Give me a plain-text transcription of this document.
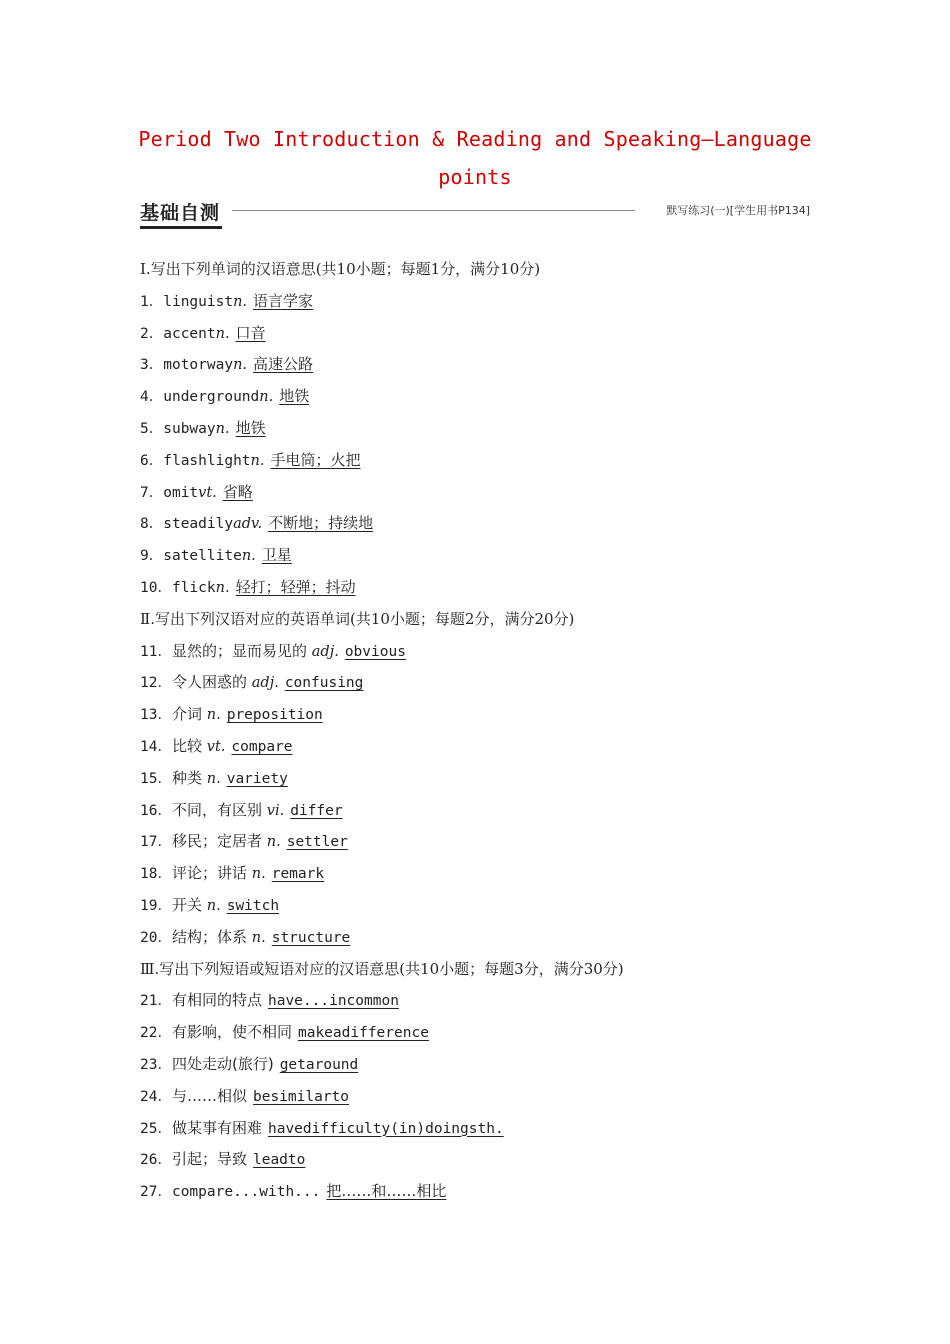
Period Two Introduction & Reading and Speaking—Language
points
基础自测	默写练习(一)[学生用书P134]
Ⅰ.写出下列单词的汉语意思(共10小题；每题1分，满分10分)
1．linguistn. 语言学家
2．accentn. 口音
3．motorwayn. 高速公路
4．undergroundn. 地铁
5．subwayn. 地铁
6．flashlightn. 手电筒；火把
7．omitvt. 省略
8．steadilyadv. 不断地；持续地
9．satelliten. 卫星
10．flickn. 轻打；轻弹；抖动
Ⅱ.写出下列汉语对应的英语单词(共10小题；每题2分，满分20分)
11．显然的；显而易见的 adj. obvious
12．令人困惑的 adj. confusing
13．介词 n. preposition
14．比较 vt. compare
15．种类 n. variety
16．不同，有区别 vi. differ
17．移民；定居者 n. settler
18．评论；讲话 n. remark
19．开关 n. switch
20．结构；体系 n. structure
Ⅲ.写出下列短语或短语对应的汉语意思(共10小题；每题3分，满分30分)
21．有相同的特点 have...incommon
22．有影响，使不相同 makeadifference
23．四处走动(旅行) getaround
24．与……相似 besimilarto
25．做某事有困难 havedifficulty(in)doingsth.
26．引起；导致 leadto
27．compare...with... 把……和……相比
